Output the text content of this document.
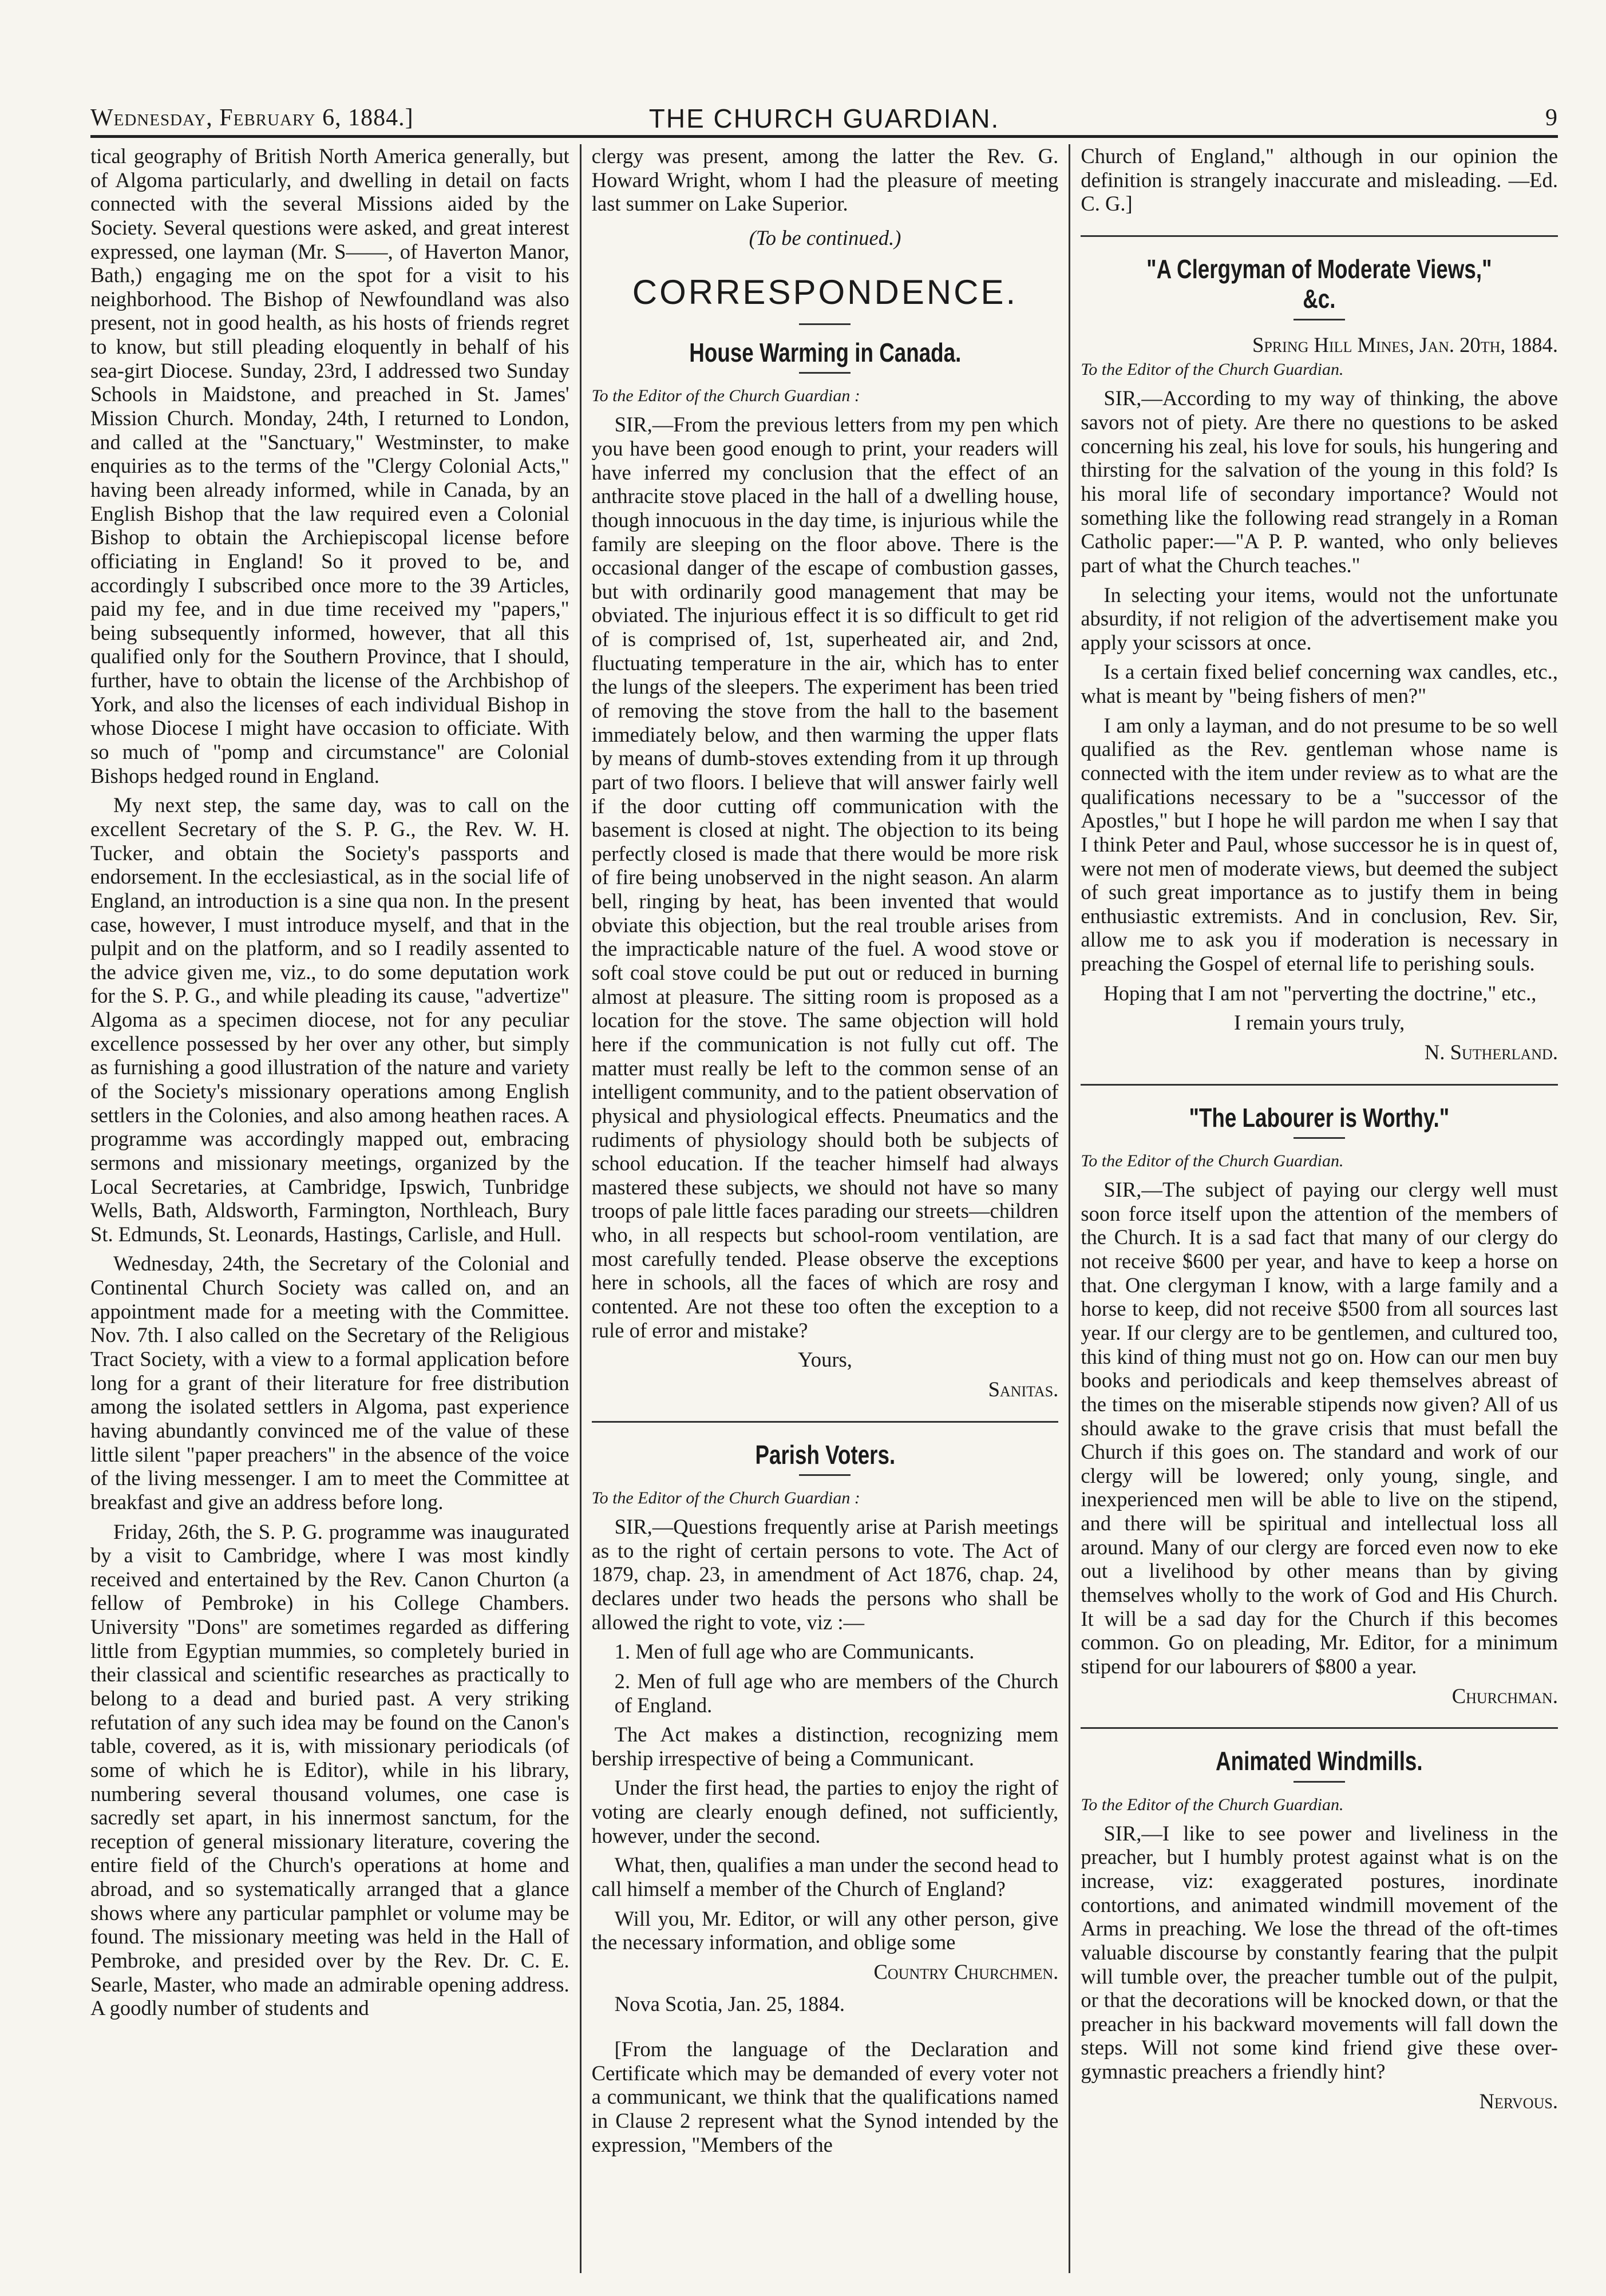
Wednesday, February 6, 1884.]	THE CHURCH GUARDIAN.	9

tical geography of British North America generally, but of Algoma particularly, and dwelling in detail on facts connected with the several Missions aided by the Society. Several questions were asked, and great interest expressed, one layman (Mr. S——, of Haverton Manor, Bath,) engaging me on the spot for a visit to his neighborhood. The Bishop of Newfoundland was also present, not in good health, as his hosts of friends regret to know, but still pleading eloquently in behalf of his sea-girt Diocese. Sunday, 23rd, I addressed two Sunday Schools in Maidstone, and preached in St. James' Mission Church. Monday, 24th, I returned to London, and called at the "Sanctuary," Westminster, to make enquiries as to the terms of the "Clergy Colonial Acts," having been already informed, while in Canada, by an English Bishop that the law required even a Colonial Bishop to obtain the Archiepiscopal license before officiating in England! So it proved to be, and accordingly I subscribed once more to the 39 Articles, paid my fee, and in due time received my "papers," being subsequently informed, however, that all this qualified only for the Southern Province, that I should, further, have to obtain the license of the Archbishop of York, and also the licenses of each individual Bishop in whose Diocese I might have occasion to officiate. With so much of "pomp and circumstance" are Colonial Bishops hedged round in England.

My next step, the same day, was to call on the excellent Secretary of the S. P. G., the Rev. W. H. Tucker, and obtain the Society's passports and endorsement. In the ecclesiastical, as in the social life of England, an introduction is a sine qua non. In the present case, however, I must introduce myself, and that in the pulpit and on the platform, and so I readily assented to the advice given me, viz., to do some deputation work for the S. P. G., and while pleading its cause, "advertize" Algoma as a specimen diocese, not for any peculiar excellence possessed by her over any other, but simply as furnishing a good illustration of the nature and variety of the Society's missionary operations among English settlers in the Colonies, and also among heathen races. A programme was accordingly mapped out, embracing sermons and missionary meetings, organized by the Local Secretaries, at Cambridge, Ipswich, Tunbridge Wells, Bath, Aldsworth, Farmington, Northleach, Bury St. Edmunds, St. Leonards, Hastings, Carlisle, and Hull.

Wednesday, 24th, the Secretary of the Colonial and Continental Church Society was called on, and an appointment made for a meeting with the Committee. Nov. 7th. I also called on the Secretary of the Religious Tract Society, with a view to a formal application before long for a grant of their literature for free distribution among the isolated settlers in Algoma, past experience having abundantly convinced me of the value of these little silent "paper preachers" in the absence of the voice of the living messenger. I am to meet the Committee at breakfast and give an address before long.

Friday, 26th, the S. P. G. programme was inaugurated by a visit to Cambridge, where I was most kindly received and entertained by the Rev. Canon Churton (a fellow of Pembroke) in his College Chambers. University "Dons" are sometimes regarded as differing little from Egyptian mummies, so completely buried in their classical and scientific researches as practically to belong to a dead and buried past. A very striking refutation of any such idea may be found on the Canon's table, covered, as it is, with missionary periodicals (of some of which he is Editor), while in his library, numbering several thousand volumes, one case is sacredly set apart, in his innermost sanctum, for the reception of general missionary literature, covering the entire field of the Church's operations at home and abroad, and so systematically arranged that a glance shows where any particular pamphlet or volume may be found. The missionary meeting was held in the Hall of Pembroke, and presided over by the Rev. Dr. C. E. Searle, Master, who made an admirable opening address. A goodly number of students and

clergy was present, among the latter the Rev. G. Howard Wright, whom I had the pleasure of meeting last summer on Lake Superior.

(To be continued.)

CORRESPONDENCE.
House Warming in Canada.

To the Editor of the Church Guardian :

SIR,—From the previous letters from my pen which you have been good enough to print, your readers will have inferred my conclusion that the effect of an anthracite stove placed in the hall of a dwelling house, though innocuous in the day time, is injurious while the family are sleeping on the floor above. There is the occasional danger of the escape of combustion gasses, but with ordinarily good management that may be obviated. The injurious effect it is so difficult to get rid of is comprised of, 1st, superheated air, and 2nd, fluctuating temperature in the air, which has to enter the lungs of the sleepers. The experiment has been tried of removing the stove from the hall to the basement immediately below, and then warming the upper flats by means of dumb-stoves extending from it up through part of two floors. I believe that will answer fairly well if the door cutting off communication with the basement is closed at night. The objection to its being perfectly closed is made that there would be more risk of fire being unobserved in the night season. An alarm bell, ringing by heat, has been invented that would obviate this objection, but the real trouble arises from the impracticable nature of the fuel. A wood stove or soft coal stove could be put out or reduced in burning almost at pleasure. The sitting room is proposed as a location for the stove. The same objection will hold here if the communication is not fully cut off. The matter must really be left to the common sense of an intelligent community, and to the patient observation of physical and physiological effects. Pneumatics and the rudiments of physiology should both be subjects of school education. If the teacher himself had always mastered these subjects, we should not have so many troops of pale little faces parading our streets—children who, in all respects but school-room ventilation, are most carefully tended. Please observe the exceptions here in schools, all the faces of which are rosy and contented. Are not these too often the exception to a rule of error and mistake?

Yours,

Sanitas.

Parish Voters.

To the Editor of the Church Guardian :

SIR,—Questions frequently arise at Parish meetings as to the right of certain persons to vote. The Act of 1879, chap. 23, in amendment of Act 1876, chap. 24, declares under two heads the persons who shall be allowed the right to vote, viz :—

1. Men of full age who are Communicants.

2. Men of full age who are members of the Church of England.

The Act makes a distinction, recognizing mem bership irrespective of being a Communicant.

Under the first head, the parties to enjoy the right of voting are clearly enough defined, not sufficiently, however, under the second.

What, then, qualifies a man under the second head to call himself a member of the Church of England?

Will you, Mr. Editor, or will any other person, give the necessary information, and oblige some

Country Churchmen.

Nova Scotia, Jan. 25, 1884.

[From the language of the Declaration and Certificate which may be demanded of every voter not a communicant, we think that the qualifications named in Clause 2 represent what the Synod intended by the expression, "Members of the

Church of England," although in our opinion the definition is strangely inaccurate and misleading. —Ed. C. G.]

"A Clergyman of Moderate Views," &c.

Spring Hill Mines, Jan. 20th, 1884.

To the Editor of the Church Guardian.

SIR,—According to my way of thinking, the above savors not of piety. Are there no questions to be asked concerning his zeal, his love for souls, his hungering and thirsting for the salvation of the young in this fold? Is his moral life of secondary importance? Would not something like the following read strangely in a Roman Catholic paper:—"A P. P. wanted, who only believes part of what the Church teaches."

In selecting your items, would not the unfortunate absurdity, if not religion of the advertisement make you apply your scissors at once.

Is a certain fixed belief concerning wax candles, etc., what is meant by "being fishers of men?"

I am only a layman, and do not presume to be so well qualified as the Rev. gentleman whose name is connected with the item under review as to what are the qualifications necessary to be a "successor of the Apostles," but I hope he will pardon me when I say that I think Peter and Paul, whose successor he is in quest of, were not men of moderate views, but deemed the subject of such great importance as to justify them in being enthusiastic extremists. And in conclusion, Rev. Sir, allow me to ask you if moderation is necessary in preaching the Gospel of eternal life to perishing souls.

Hoping that I am not "perverting the doctrine," etc.,

I remain yours truly,

N. Sutherland.

"The Labourer is Worthy."

To the Editor of the Church Guardian.

SIR,—The subject of paying our clergy well must soon force itself upon the attention of the members of the Church. It is a sad fact that many of our clergy do not receive $600 per year, and have to keep a horse on that. One clergyman I know, with a large family and a horse to keep, did not receive $500 from all sources last year. If our clergy are to be gentlemen, and cultured too, this kind of thing must not go on. How can our men buy books and periodicals and keep themselves abreast of the times on the miserable stipends now given? All of us should awake to the grave crisis that must befall the Church if this goes on. The standard and work of our clergy will be lowered; only young, single, and inexperienced men will be able to live on the stipend, and there will be spiritual and intellectual loss all around. Many of our clergy are forced even now to eke out a livelihood by other means than by giving themselves wholly to the work of God and His Church. It will be a sad day for the Church if this becomes common. Go on pleading, Mr. Editor, for a minimum stipend for our labourers of $800 a year.

Churchman.

Animated Windmills.

To the Editor of the Church Guardian.

SIR,—I like to see power and liveliness in the preacher, but I humbly protest against what is on the increase, viz: exaggerated postures, inordinate contortions, and animated windmill movement of the Arms in preaching. We lose the thread of the oft-times valuable discourse by constantly fearing that the pulpit will tumble over, the preacher tumble out of the pulpit, or that the decorations will be knocked down, or that the preacher in his backward movements will fall down the steps. Will not some kind friend give these over-gymnastic preachers a friendly hint?

Nervous.
